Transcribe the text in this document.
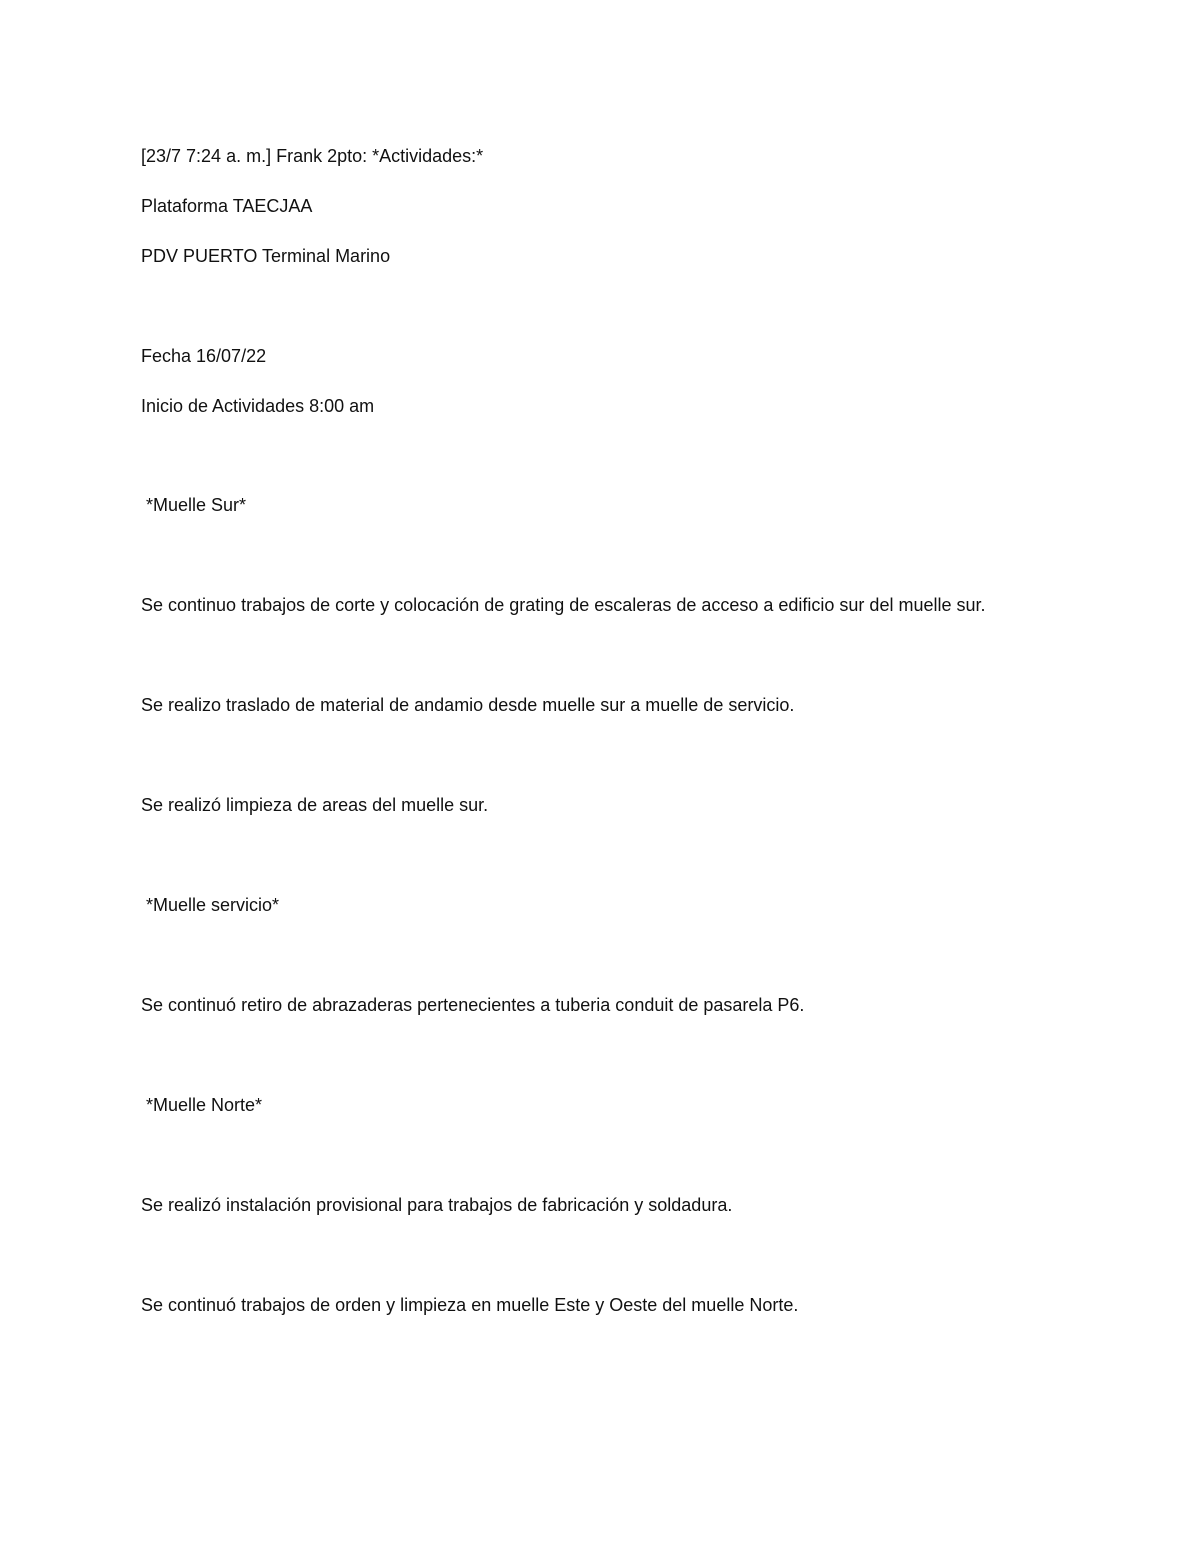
[23/7 7:24 a. m.] Frank 2pto: *Actividades:*

Plataforma TAECJAA

PDV PUERTO Terminal Marino

Fecha 16/07/22

Inicio de Actividades 8:00 am

*Muelle Sur*

Se continuo trabajos de corte y colocación de grating de escaleras de acceso a edificio sur del muelle sur.

Se realizo traslado de material de andamio desde muelle sur a muelle de servicio.

Se realizó limpieza de areas del muelle sur.

*Muelle servicio*

Se continuó retiro de abrazaderas pertenecientes a tuberia conduit de pasarela P6.

*Muelle Norte*

Se realizó instalación provisional para trabajos de fabricación y soldadura.

Se continuó trabajos de orden y limpieza en muelle Este y Oeste del muelle Norte.
